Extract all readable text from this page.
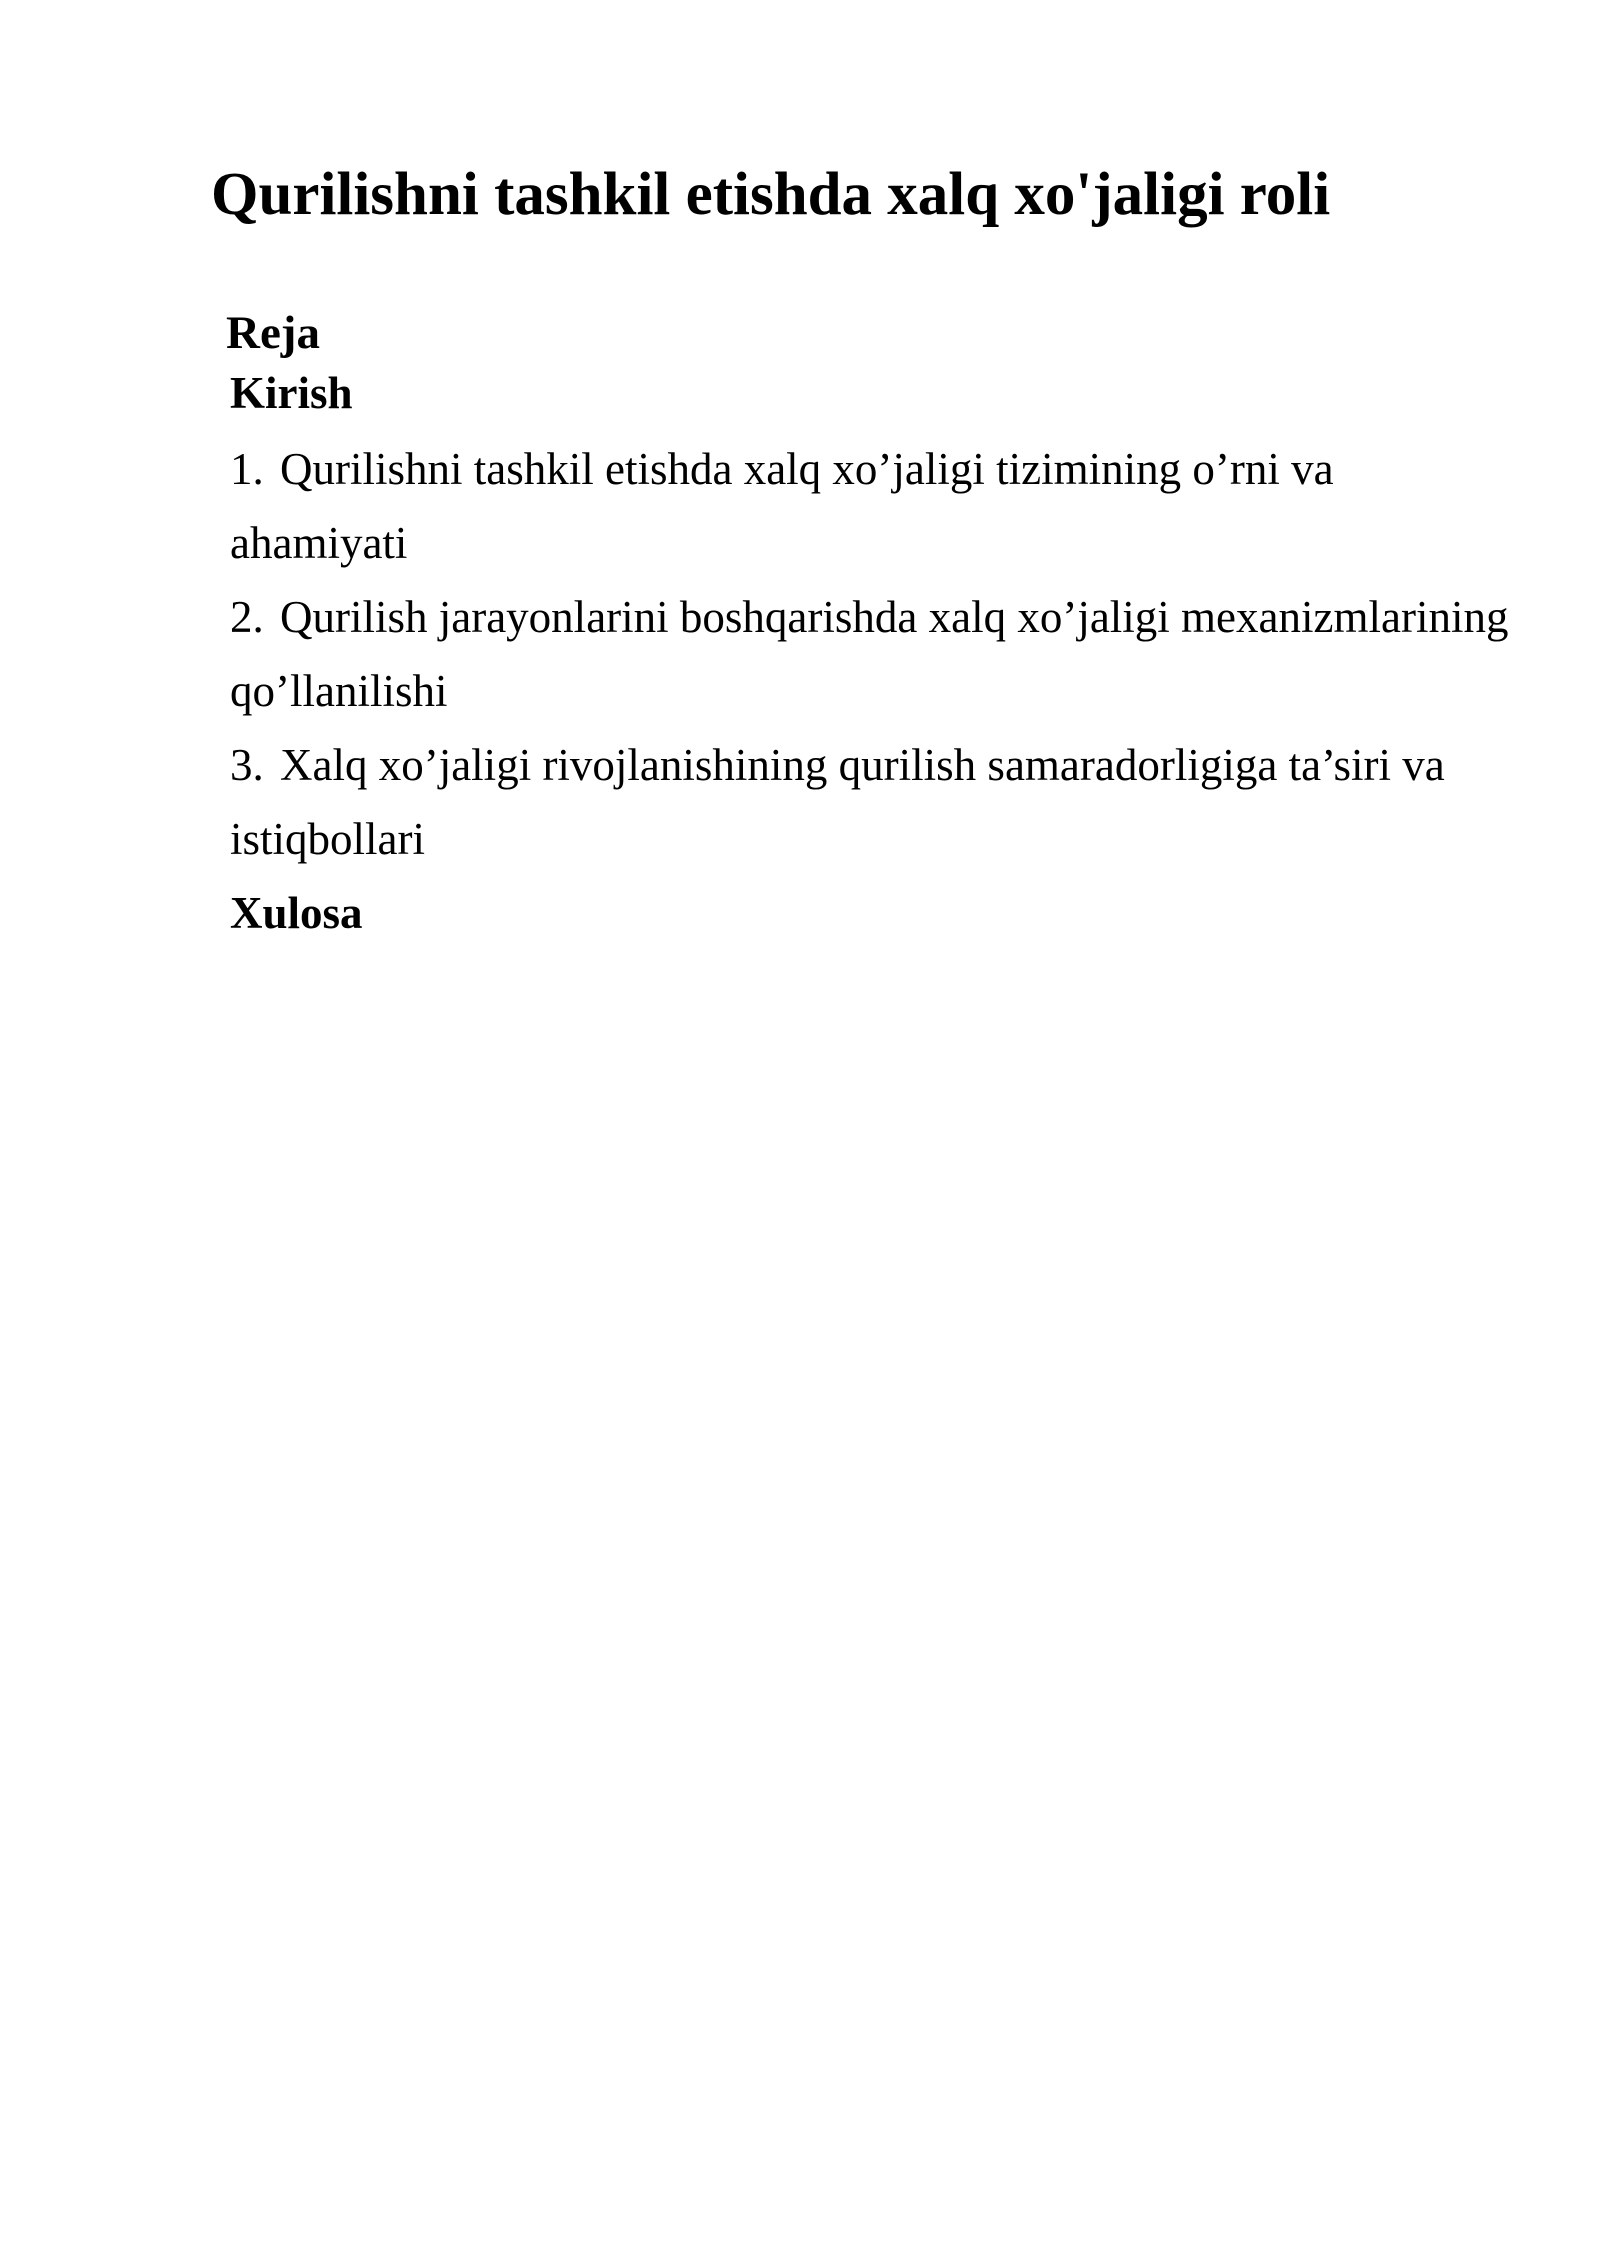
Qurilishni tashkil etishda xalq xo'jaligi roli
Reja
Kirish
1. Qurilishni tashkil etishda xalq xo’jaligi tizimining o’rni va ahamiyati
2. Qurilish jarayonlarini boshqarishda xalq xo’jaligi mexanizmlarining qo’llanilishi
3. Xalq xo’jaligi rivojlanishining qurilish samaradorligiga ta’siri va istiqbollari
Xulosa
